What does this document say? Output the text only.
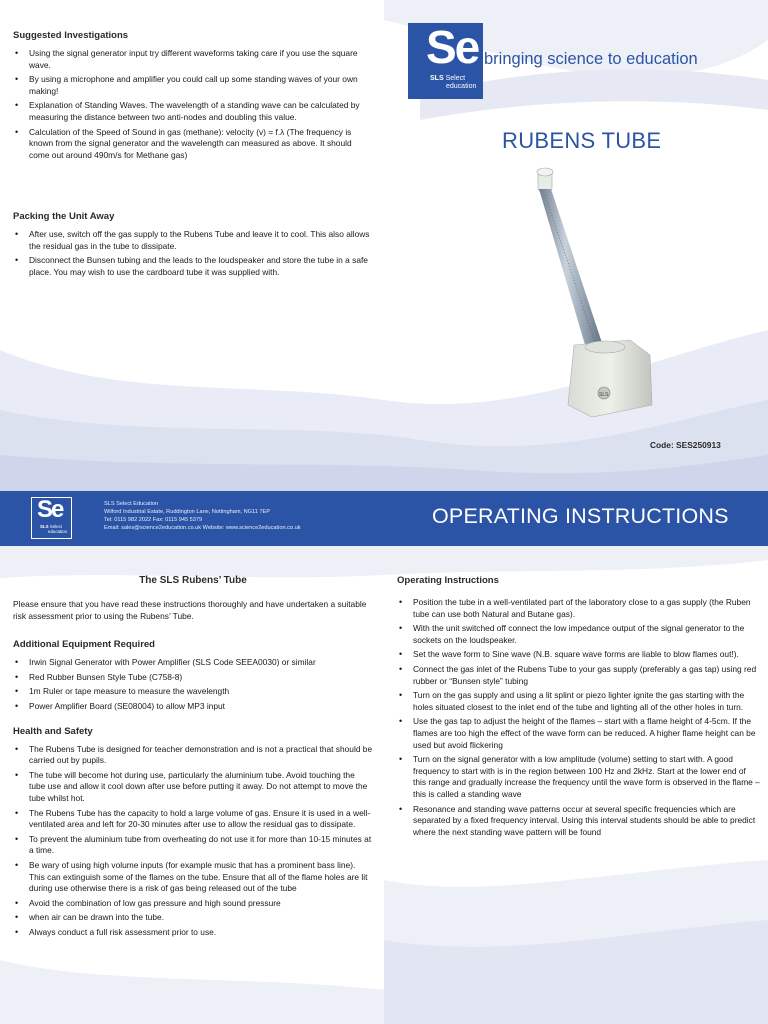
Suggested Investigations
• Using the signal generator input try different waveforms taking care if you use the square wave.
• By using a microphone and amplifier you could call up some standing waves of your own making!
• Explanation of Standing Waves. The wavelength of a standing wave can be calculated by measuring the distance between two anti-nodes and doubling this value.
• Calculation of the Speed of Sound in gas (methane): velocity (v) = f.λ (The frequency is known from the signal generator and the wavelength can measured as above. It should come out around 490m/s for Methane gas)
Packing the Unit Away
• After use, switch off the gas supply to the Rubens Tube and leave it to cool. This also allows the residual gas in the tube to dissipate.
• Disconnect the Bunsen tubing and the leads to the loudspeaker and store the tube in a safe place. You may wish to use the cardboard tube it was supplied with.
Se
SLS Select
education
bringing science to education
RUBENS TUBE
SLS
Code: SES250913
Se
SLS Select
education
SLS Select Education
Wilford Industrial Estate, Ruddington Lane, Nottingham, NG11 7EP
Tel: 0115 982 2022 Fax: 0115 945 5379
Email: sales@science2education.co.uk Website: www.science2education.co.uk	OPERATING INSTRUCTIONS
The SLS Rubens’ Tube

Please ensure that you have read these instructions thoroughly and have undertaken a suitable risk assessment prior to using the Rubens’ Tube.

Additional Equipment Required
• Irwin Signal Generator with Power Amplifier (SLS Code SEEA0030) or similar
• Red Rubber Bunsen Style Tube (C758-8)
• 1m Ruler or tape measure to measure the wavelength
• Power Amplifier Board (SE08004) to allow MP3 input
Health and Safety
• The Rubens Tube is designed for teacher demonstration and is not a practical that should be carried out by pupils.
• The tube will become hot during use, particularly the aluminium tube. Avoid touching the tube use and allow it cool down after use before putting it away. Do not attempt to move the tube whilst hot.
• The Rubens Tube has the capacity to hold a large volume of gas. Ensure it is used in a well-ventilated area and left for 20-30 minutes after use to allow the residual gas to dissipate.
• To prevent the aluminium tube from overheating do not use it for more than 10-15 minutes at a time.
• Be wary of using high volume inputs (for example music that has a prominent bass line). This can extinguish some of the flames on the tube. Ensure that all of the flame holes are lit during use otherwise there is a risk of gas being released out of the tube
• Avoid the combination of low gas pressure and high sound pressure
• when air can be drawn into the tube.
• Always conduct a full risk assessment prior to use.
Operating Instructions
• Position the tube in a well-ventilated part of the laboratory close to a gas supply (the Ruben tube can use both Natural and Butane gas).
• With the unit switched off connect the low impedance output of the signal generator to the sockets on the loudspeaker.
• Set the wave form to Sine wave (N.B. square wave forms are liable to blow flames out!).
• Connect the gas inlet of the Rubens Tube to your gas supply (preferably a gas tap) using red rubber or “Bunsen style” tubing
• Turn on the gas supply and using a lit splint or piezo lighter ignite the gas starting with the holes situated closest to the inlet end of the tube and lighting all of the other holes in turn.
• Use the gas tap to adjust the height of the flames – start with a flame height of 4-5cm. If the flames are too high the effect of the wave form can be reduced. A higher flame height can be used but avoid flickering
• Turn on the signal generator with a low amplitude (volume) setting to start with. A good frequency to start with is in the region between 100 Hz and 2kHz. Start at the lower end of this range and gradually increase the frequency until the wave form is observed in the flame – this is called a standing wave
• Resonance and standing wave patterns occur at several specific frequencies which are separated by a fixed frequency interval. Using this interval students should be able to predict where the next standing wave pattern will be found
